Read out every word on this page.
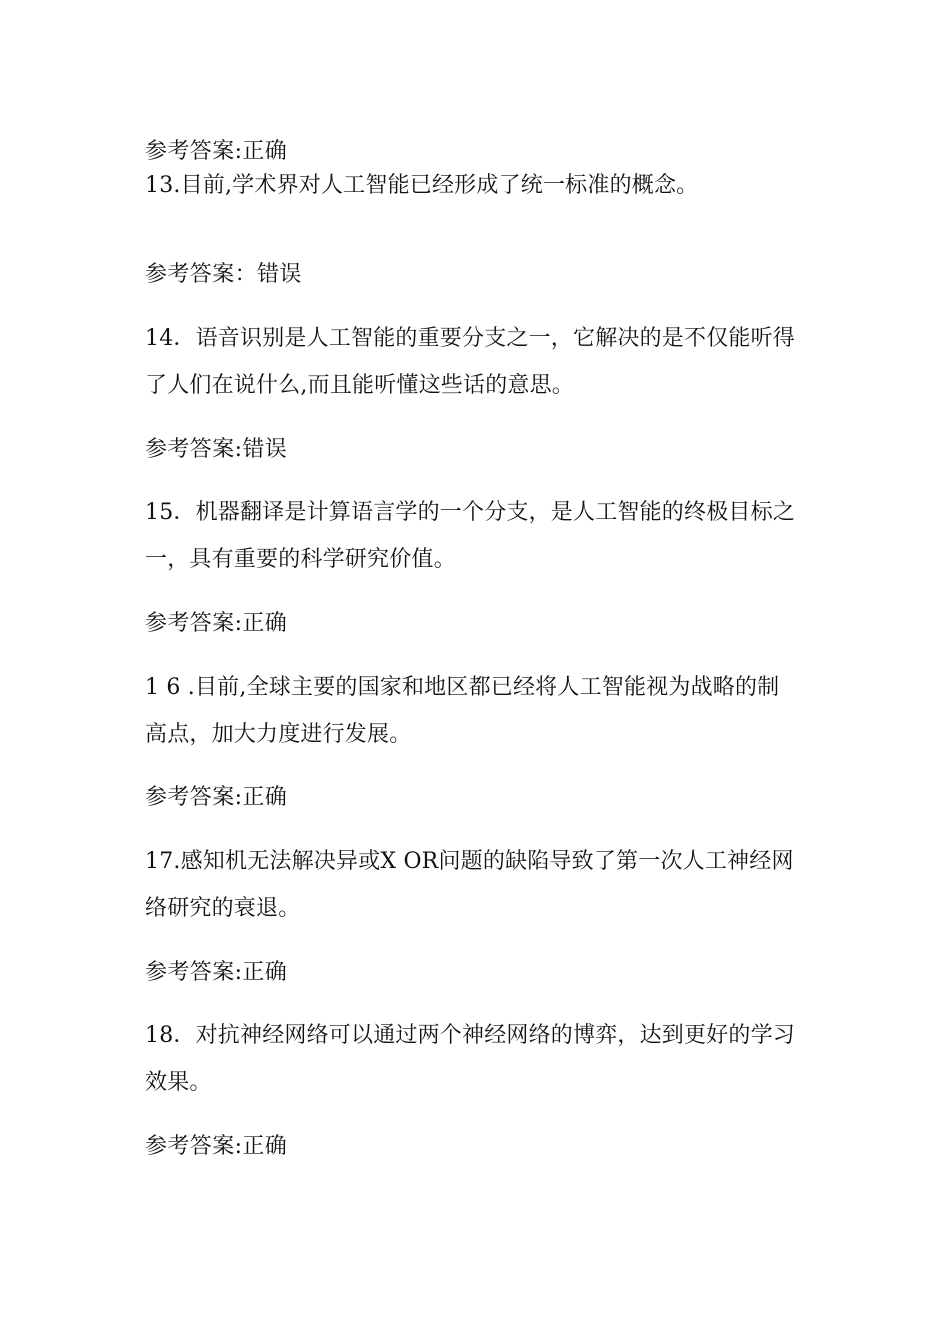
参考答案:正确
13.目前,学术界对人工智能已经形成了统一标准的概念。
参考答案：错误
14．语音识别是人工智能的重要分支之一，它解决的是不仅能听得
了人们在说什么,而且能听懂这些话的意思。
参考答案:错误
15．机器翻译是计算语言学的一个分支，是人工智能的终极目标之
一，具有重要的科学研究价值。
参考答案:正确
1 6 .目前,全球主要的国家和地区都已经将人工智能视为战略的制
高点，加大力度进行发展。
参考答案:正确
17.感知机无法解决异或X OR问题的缺陷导致了第一次人工神经网
络研究的衰退。
参考答案:正确
18．对抗神经网络可以通过两个神经网络的博弈，达到更好的学习
效果。
参考答案:正确
